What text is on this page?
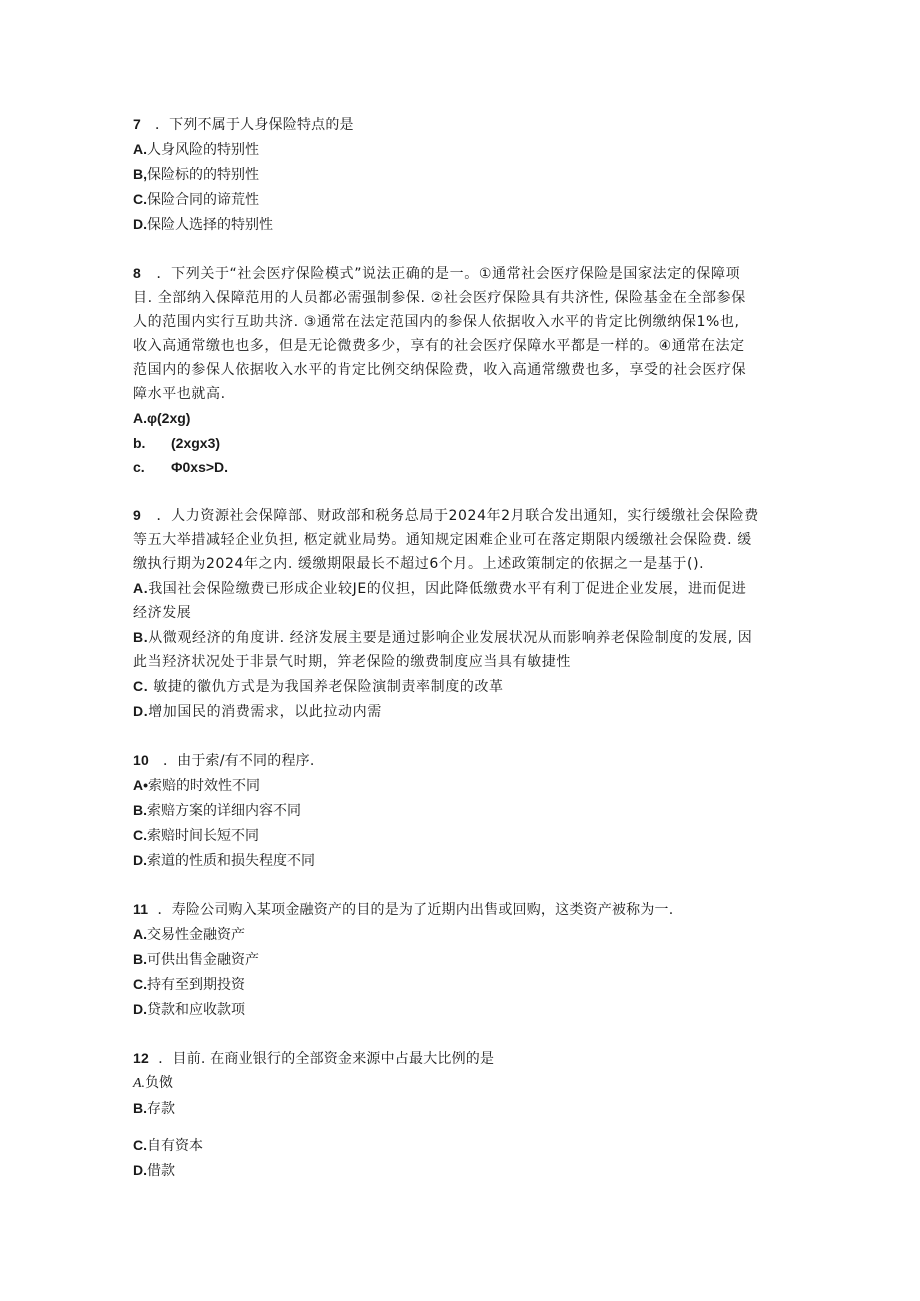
7 ．下列不属于人身保险特点的是
A.人身风险的特别性
B,保险标的的特别性
C.保险合同的谛荒性
D.保险人选择的特别性
8 ．下列关于“社会医疗保险模式”说法正确的是一。①通常社会医疗保险是国家法定的保障项
目. 全部纳入保障范用的人员都必需强制参保. ②社会医疗保险具有共济性, 保险基金在全部参保
人的范围内实行互助共济. ③通常在法定范国内的参保人依据收入水平的肯定比例缴纳保1%也,
收入高通常缴也也多，但是无论微费多少，享有的社会医疗保障水平都是一样的。④通常在法定
范国内的参保人依据收入水平的肯定比例交纳保险费，收入高通常缴费也多，享受的社会医疗保
障水平也就高.
A.φ(2xg)
b.	(2xgx3)
c.	Φ0xs>D.
9 ．人力资源社会保障部、财政部和税务总局于2024年2月联合发出通知，实行缓缴社会保险费
等五大举措减轻企业负担, 柩定就业局势。通知规定困难企业可在落定期限内缓缴社会保险费. 缓
缴执行期为2024年之内. 缓缴期限最长不超过6个月。上述政策制定的依据之一是基于().
A.我国社会保险缴费已形成企业较JE的仪担，因此降低缴费水平有利丁促进企业发展，进而促进
经济发展
B.从微观经济的角度讲. 经济发展主要是通过影响企业发展状况从而影响养老保险制度的发展, 因
此当羟济状况处于非景气时期，笄老保险的缴费制度应当具有敏捷性
C. 敏捷的徽仇方式是为我国养老保险演制责率制度的改革
D.增加国民的消费需求，以此拉动内需
10 ．由于索/有不同的程序.
A•索赔的时效性不同
B.索赔方案的详细内容不同
C.索赔时间长短不同
D.索道的性质和损失程度不同
11 ．寿险公司购入某项金融资产的目的是为了近期内出售或回购，这类资产被称为一.
A.交易性金融资产
B.可供出售金融资产
C.持有至到期投资
D.贷款和应收款项
12 ．目前. 在商业银行的全部资金来源中占最大比例的是
A.负傚
B.存款
C.自有资本
D.借款
